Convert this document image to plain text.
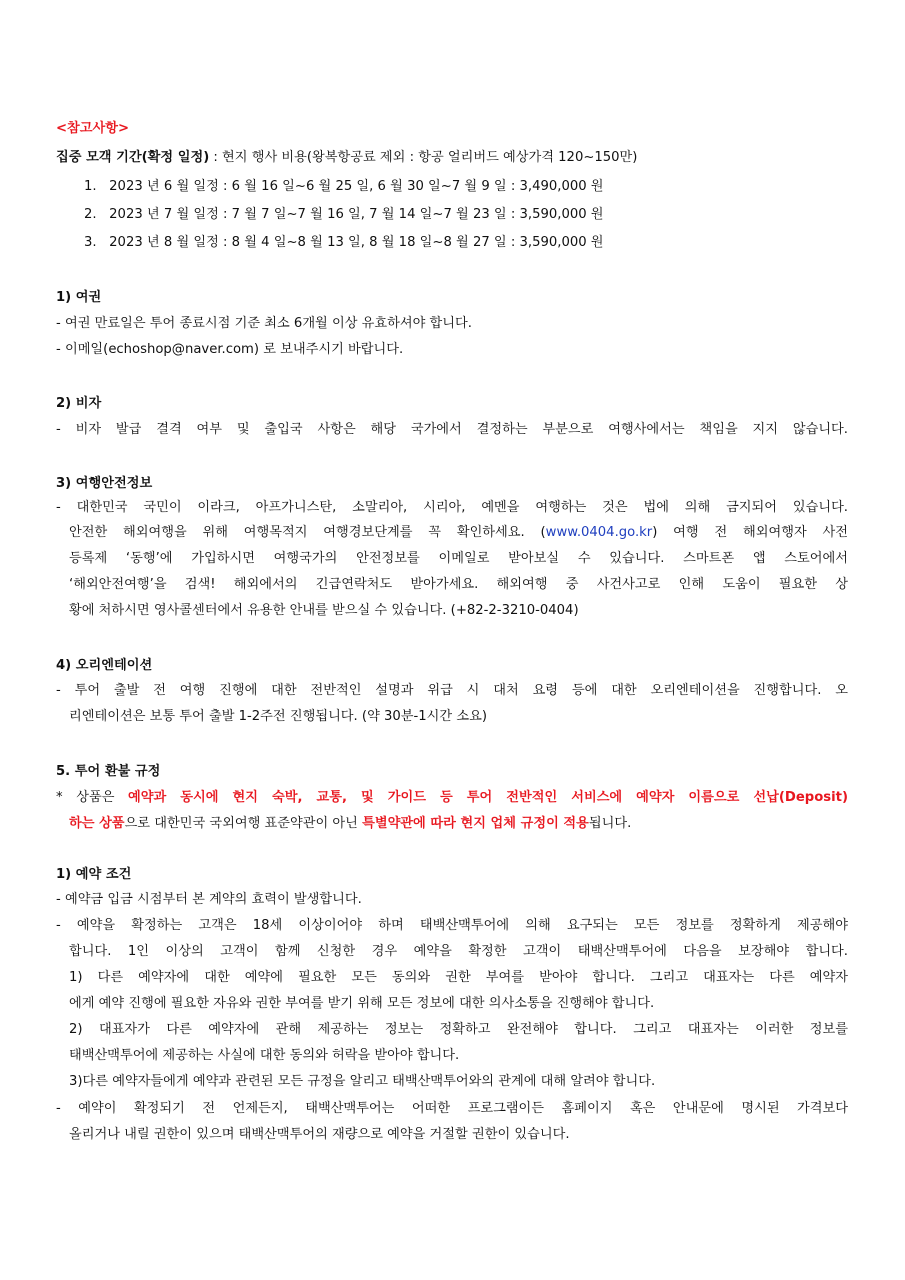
<참고사항>
집중 모객 기간(확정 일정) : 현지 행사 비용(왕복항공료 제외 : 항공 얼리버드 예상가격 120~150만)
1. 2023 년 6 월 일정 : 6 월 16 일~6 월 25 일, 6 월 30 일~7 월 9 일 : 3,490,000 원
2. 2023 년 7 월 일정 : 7 월 7 일~7 월 16 일, 7 월 14 일~7 월 23 일 : 3,590,000 원
3. 2023 년 8 월 일정 : 8 월 4 일~8 월 13 일, 8 월 18 일~8 월 27 일 : 3,590,000 원
1) 여권
- 여권 만료일은 투어 종료시점 기준 최소 6개월 이상 유효하셔야 합니다.
- 이메일(echoshop@naver.com) 로 보내주시기 바랍니다.
2) 비자
- 비자 발급 결격 여부 및 출입국 사항은 해당 국가에서 결정하는 부분으로 여행사에서는 책임을 지지 않습니다.
3) 여행안전정보
- 대한민국 국민이 이라크, 아프가니스탄, 소말리아, 시리아, 예멘을 여행하는 것은 법에 의해 금지되어 있습니다.
안전한 해외여행을 위해 여행목적지 여행경보단계를 꼭 확인하세요. (www.0404.go.kr) 여행 전 해외여행자 사전
등록제 ‘동행’에 가입하시면 여행국가의 안전정보를 이메일로 받아보실 수 있습니다. 스마트폰 앱 스토어에서
‘해외안전여행’을 검색! 해외에서의 긴급연락처도 받아가세요. 해외여행 중 사건사고로 인해 도움이 필요한 상
황에 처하시면 영사콜센터에서 유용한 안내를 받으실 수 있습니다. (+82-2-3210-0404)
4) 오리엔테이션
- 투어 출발 전 여행 진행에 대한 전반적인 설명과 위급 시 대처 요령 등에 대한 오리엔테이션을 진행합니다. 오
리엔테이션은 보통 투어 출발 1-2주전 진행됩니다. (약 30분-1시간 소요)
5. 투어 환불 규정
* 상품은 예약과 동시에 현지 숙박, 교통, 및 가이드 등 투어 전반적인 서비스에 예약자 이름으로 선납(Deposit)
하는 상품으로 대한민국 국외여행 표준약관이 아닌 특별약관에 따라 현지 업체 규정이 적용됩니다.
1) 예약 조건
- 예약금 입금 시점부터 본 계약의 효력이 발생합니다.
- 예약을 확정하는 고객은 18세 이상이어야 하며 태백산맥투어에 의해 요구되는 모든 정보를 정확하게 제공해야
합니다. 1인 이상의 고객이 함께 신청한 경우 예약을 확정한 고객이 태백산맥투어에 다음을 보장해야 합니다.
1) 다른 예약자에 대한 예약에 필요한 모든 동의와 권한 부여를 받아야 합니다. 그리고 대표자는 다른 예약자
에게 예약 진행에 필요한 자유와 권한 부여를 받기 위해 모든 정보에 대한 의사소통을 진행해야 합니다.
2) 대표자가 다른 예약자에 관해 제공하는 정보는 정확하고 완전해야 합니다. 그리고 대표자는 이러한 정보를
태백산맥투어에 제공하는 사실에 대한 동의와 허락을 받아야 합니다.
3)다른 예약자들에게 예약과 관련된 모든 규정을 알리고 태백산맥투어와의 관계에 대해 알려야 합니다.
- 예약이 확정되기 전 언제든지, 태백산맥투어는 어떠한 프로그램이든 홈페이지 혹은 안내문에 명시된 가격보다
올리거나 내릴 권한이 있으며 태백산맥투어의 재량으로 예약을 거절할 권한이 있습니다.
